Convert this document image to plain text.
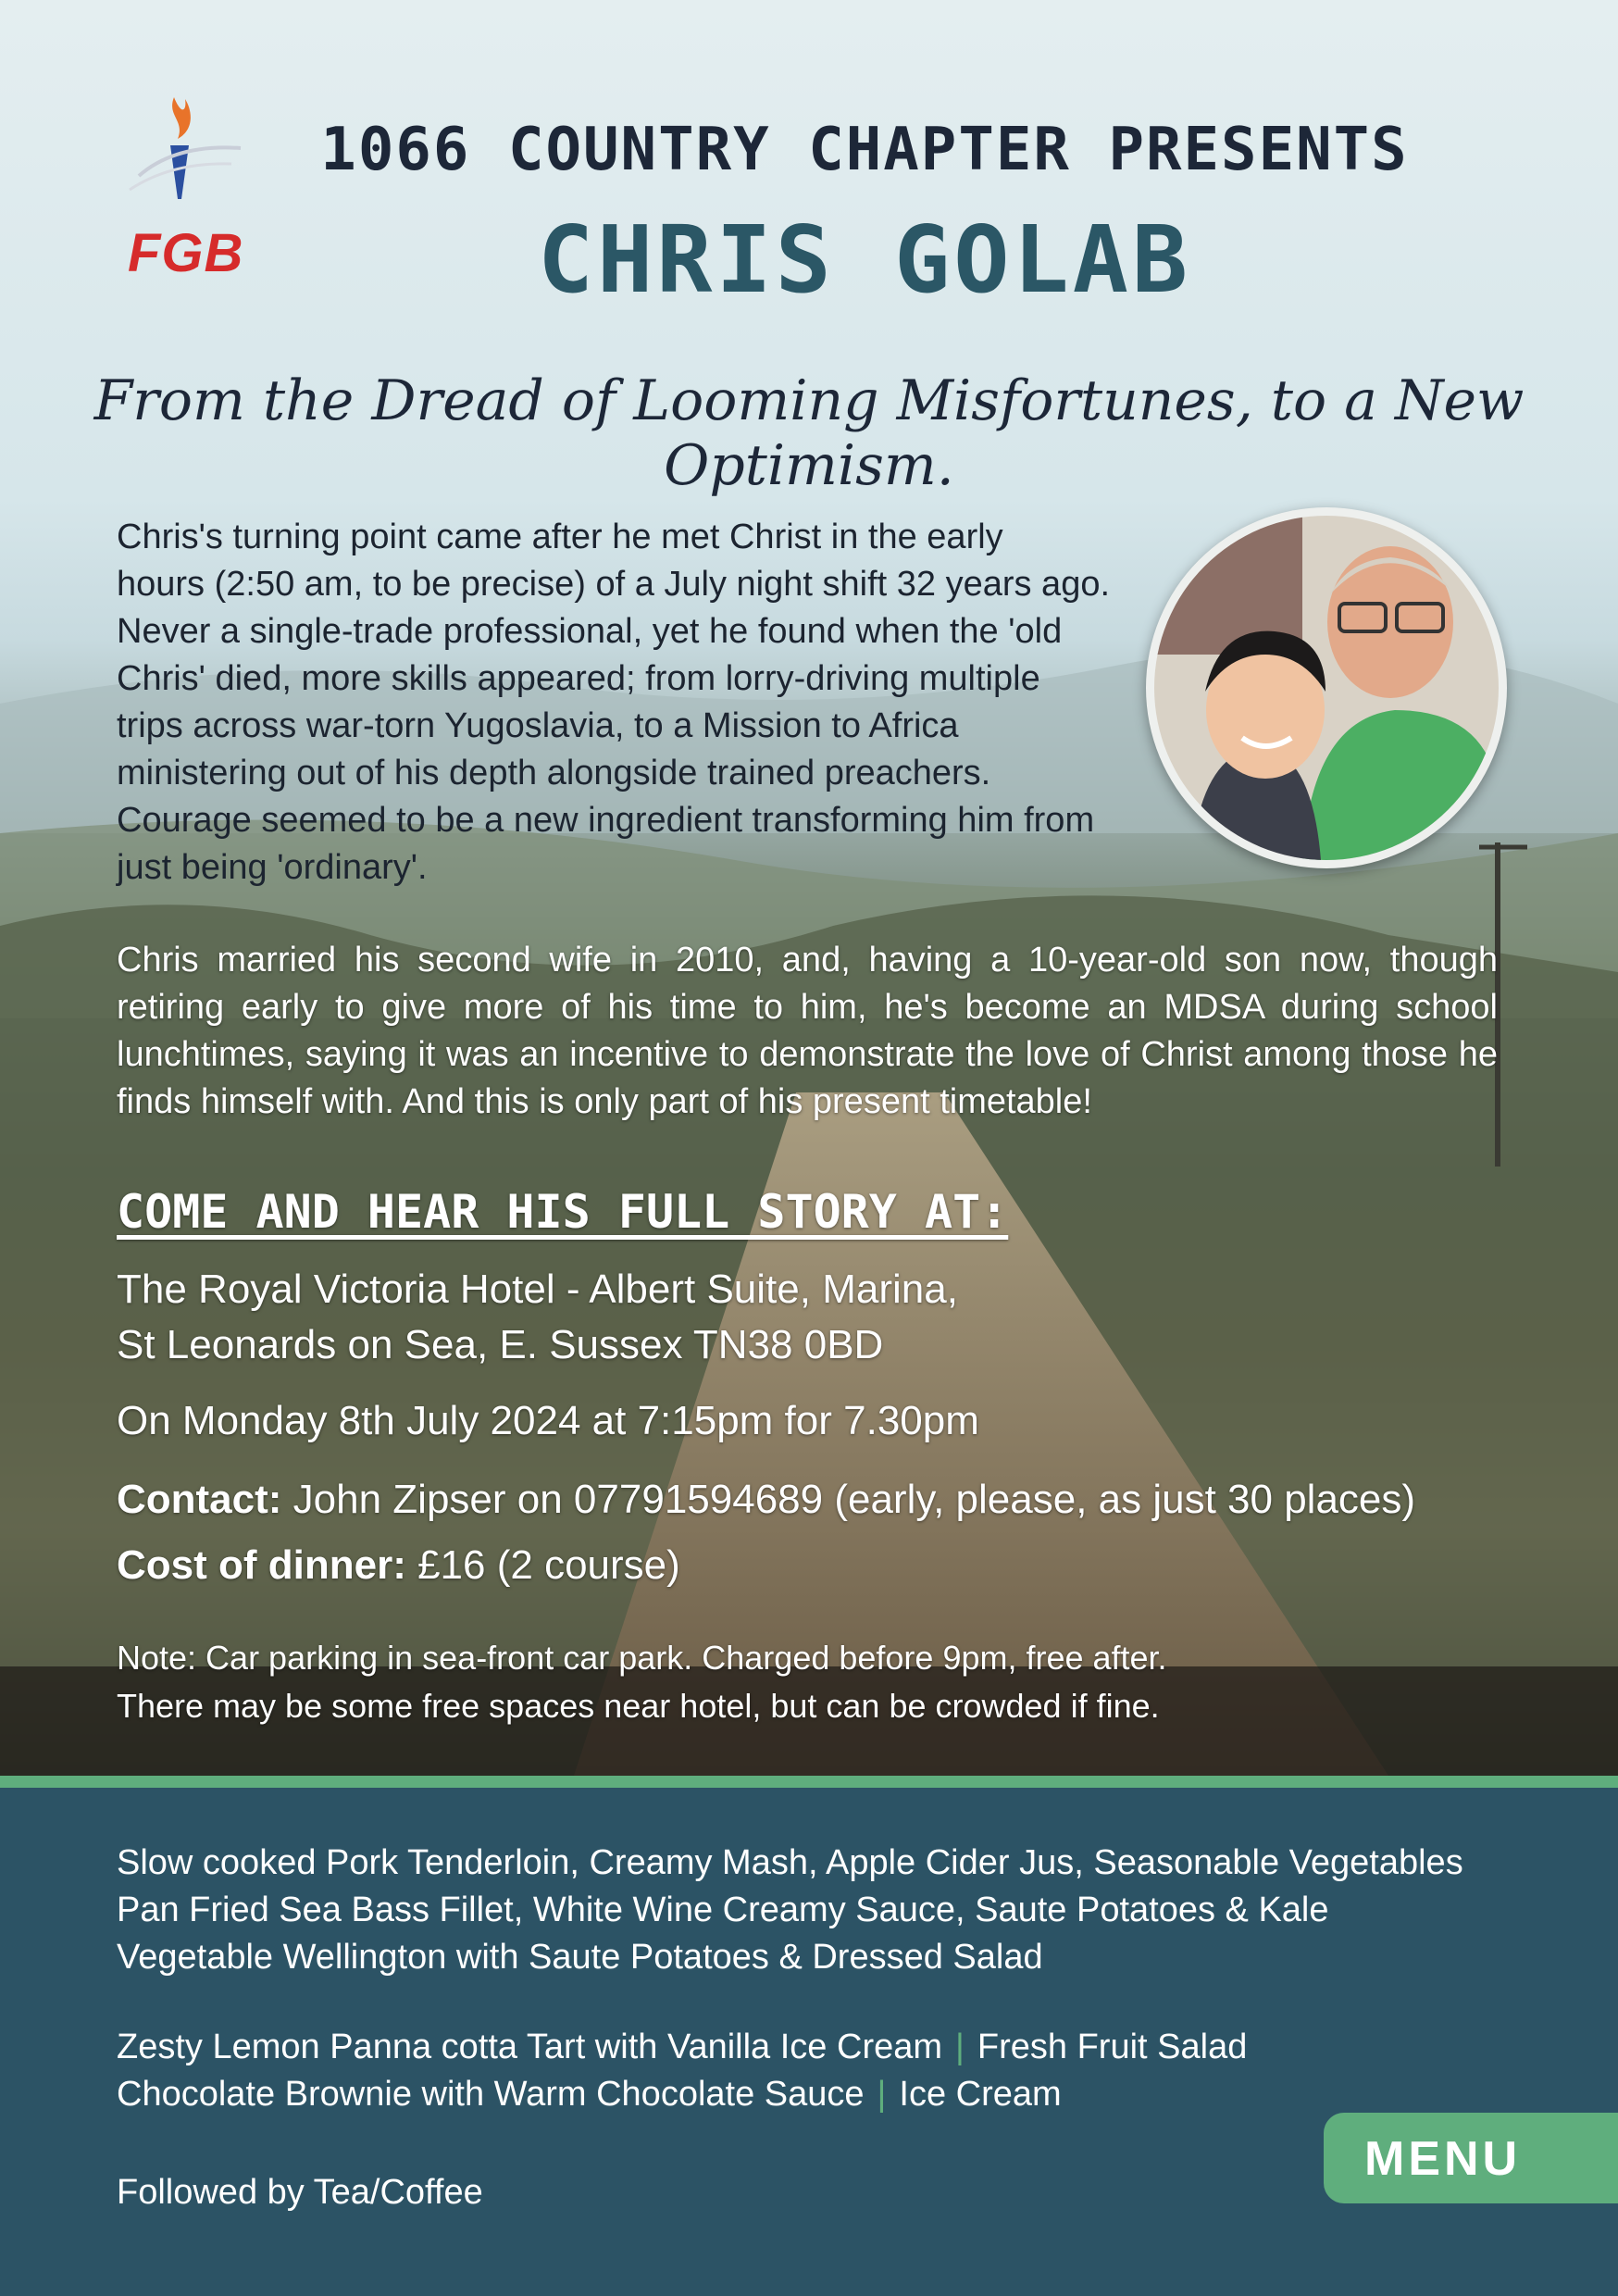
FGB
1066 COUNTRY CHAPTER PRESENTS
CHRIS GOLAB
From the Dread of Looming Misfortunes, to a New Optimism.
Chris's turning point came after he met Christ in the early
hours (2:50 am, to be precise) of a July night shift 32 years ago.
Never a single-trade professional, yet he found when the 'old
Chris' died, more skills appeared; from lorry-driving multiple
trips across war-torn Yugoslavia, to a Mission to Africa
ministering out of his depth alongside trained preachers.
Courage seemed to be a new ingredient transforming him from
just being 'ordinary'.
Chris married his second wife in 2010, and, having a 10-year-old son now, though retiring early to give more of his time to him, he's become an MDSA during school lunchtimes, saying it was an incentive to demonstrate the love of Christ among those he finds himself with. And this is only part of his present timetable!
COME AND HEAR HIS FULL STORY AT:
The Royal Victoria Hotel - Albert Suite, Marina,
St Leonards on Sea, E. Sussex TN38 0BD
On Monday 8th July 2024 at 7:15pm for 7.30pm
Contact: John Zipser on 07791594689 (early, please, as just 30 places)
Cost of dinner: £16 (2 course)
Note: Car parking in sea-front car park. Charged before 9pm, free after.
There may be some free spaces near hotel, but can be crowded if fine.
Slow cooked Pork Tenderloin, Creamy Mash, Apple Cider Jus, Seasonable Vegetables
Pan Fried Sea Bass Fillet, White Wine Creamy Sauce, Saute Potatoes & Kale
Vegetable Wellington with Saute Potatoes & Dressed Salad
Zesty Lemon Panna cotta Tart with Vanilla Ice Cream | Fresh Fruit Salad
Chocolate Brownie with Warm Chocolate Sauce | Ice Cream
Followed by Tea/Coffee
MENU
